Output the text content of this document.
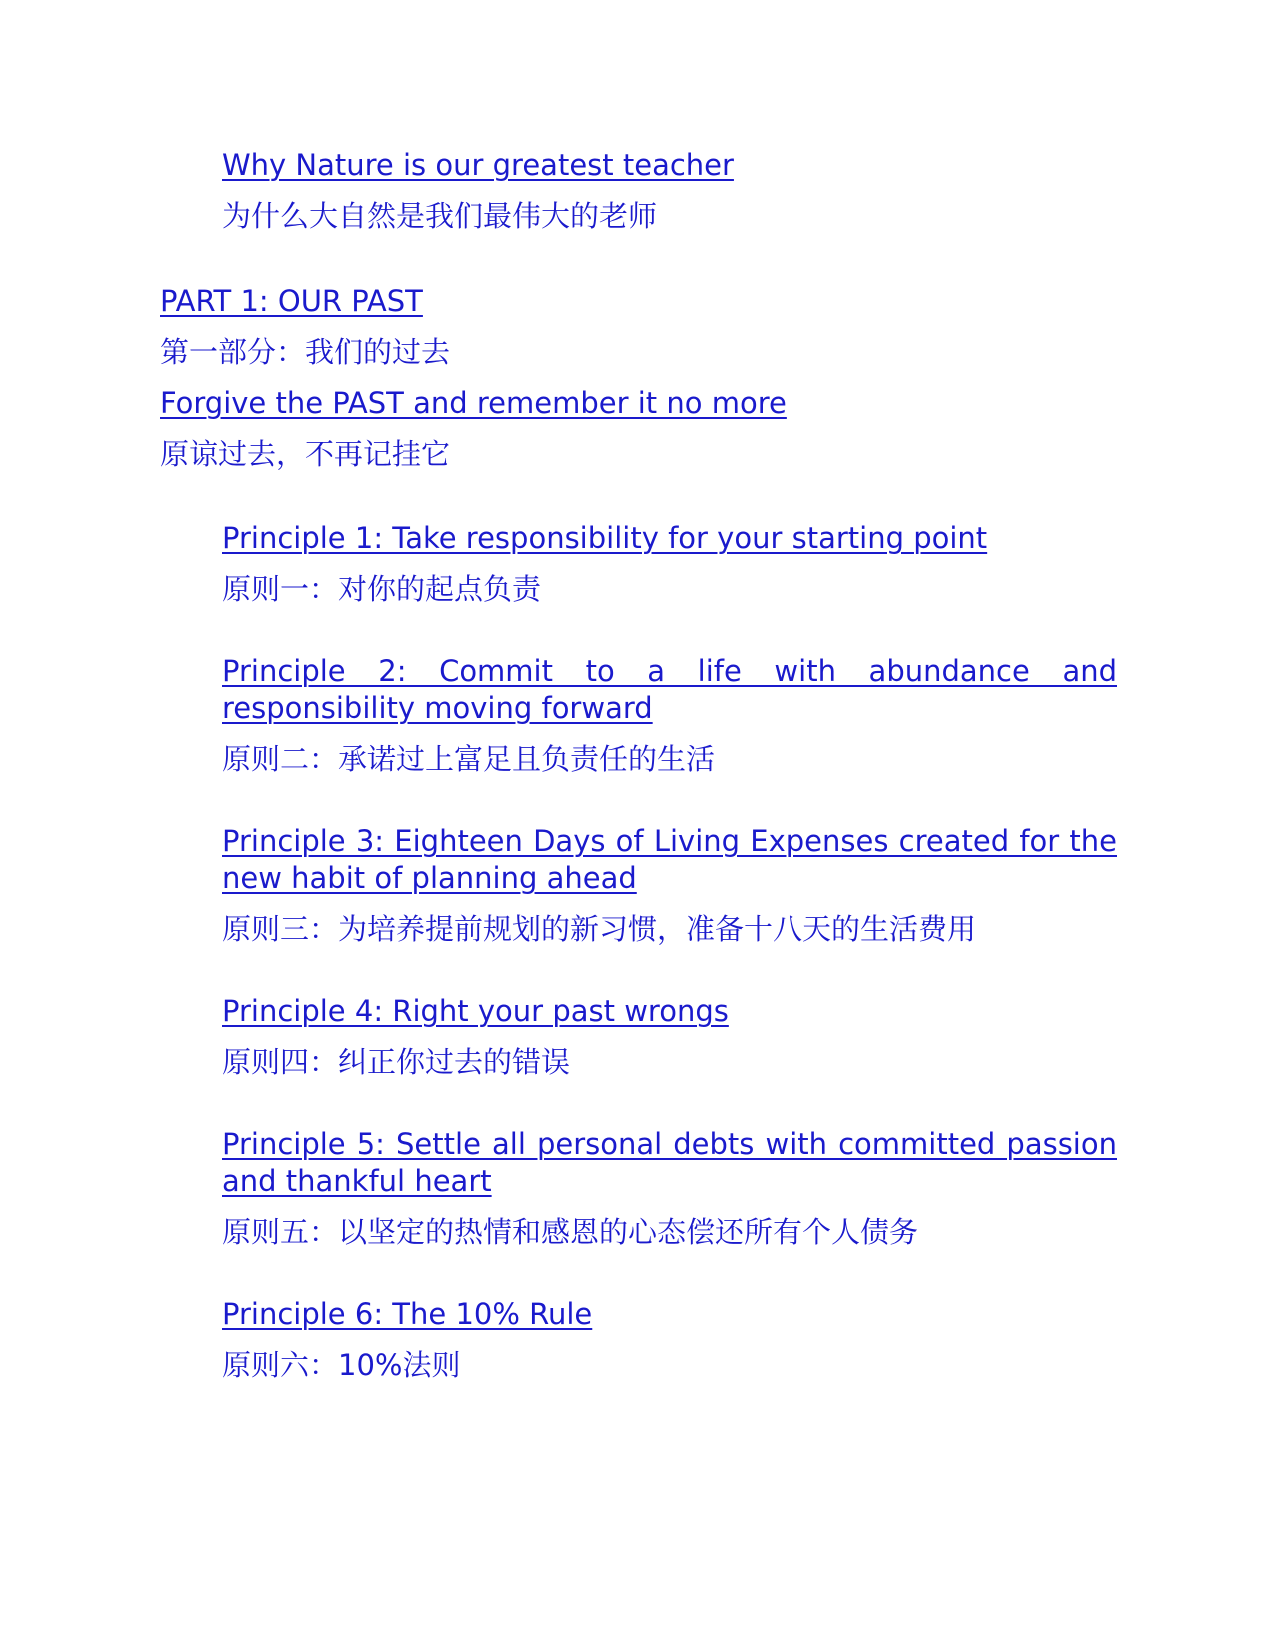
Why Nature is our greatest teacher
为什么大自然是我们最伟大的老师
PART 1: OUR PAST
第一部分：我们的过去
Forgive the PAST and remember it no more
原谅过去，不再记挂它
Principle 1: Take responsibility for your starting point
原则一：对你的起点负责
Principle 2: Commit to a life with abundance and responsibility moving forward
原则二：承诺过上富足且负责任的生活
Principle 3: Eighteen Days of Living Expenses created for the new habit of planning ahead
原则三：为培养提前规划的新习惯，准备十八天的生活费用
Principle 4: Right your past wrongs
原则四：纠正你过去的错误
Principle 5: Settle all personal debts with committed passion and thankful heart
原则五：以坚定的热情和感恩的心态偿还所有个人债务
Principle 6: The 10% Rule
原则六：10%法则
